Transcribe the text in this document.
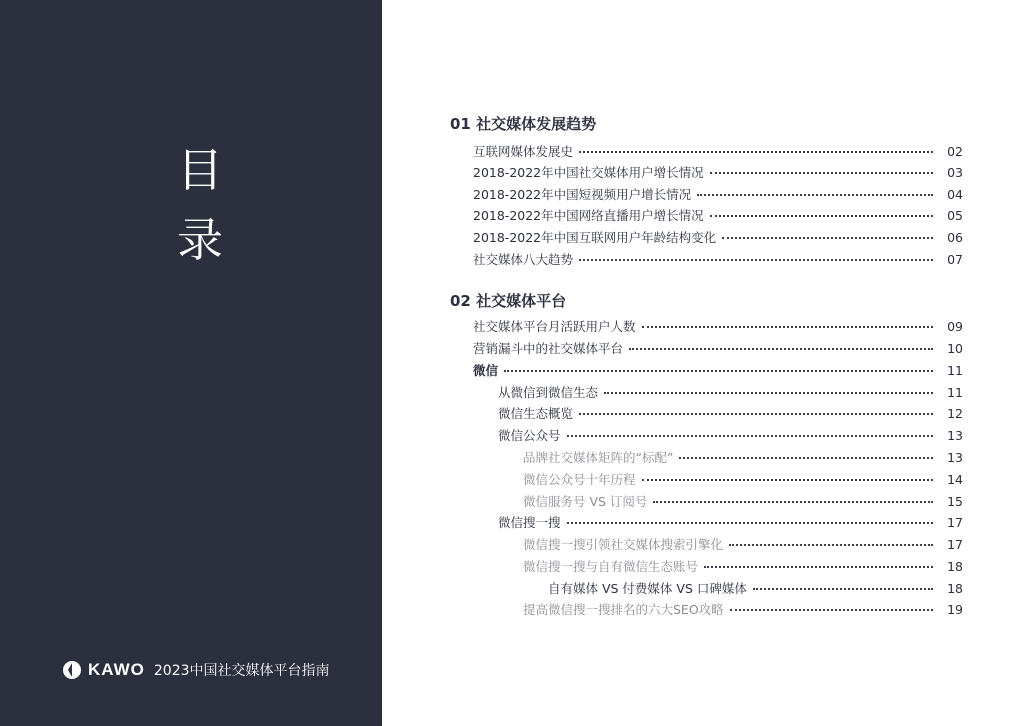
目
录
KAWO 2023中国社交媒体平台指南
01 社交媒体发展趋势
互联网媒体发展史	02
2018-2022年中国社交媒体用户增长情况	03
2018-2022年中国短视频用户增长情况	04
2018-2022年中国网络直播用户增长情况	05
2018-2022年中国互联网用户年龄结构变化	06
社交媒体八大趋势	07
02 社交媒体平台
社交媒体平台月活跃用户人数	09
营销漏斗中的社交媒体平台	10
微信	11
从微信到微信生态	11
微信生态概览	12
微信公众号	13
品牌社交媒体矩阵的“标配”	13
微信公众号十年历程	14
微信服务号 VS 订阅号	15
微信搜一搜	17
微信搜一搜引领社交媒体搜索引擎化	17
微信搜一搜与自有微信生态账号	18
自有媒体 VS 付费媒体 VS 口碑媒体	18
提高微信搜一搜排名的六大SEO攻略	19
